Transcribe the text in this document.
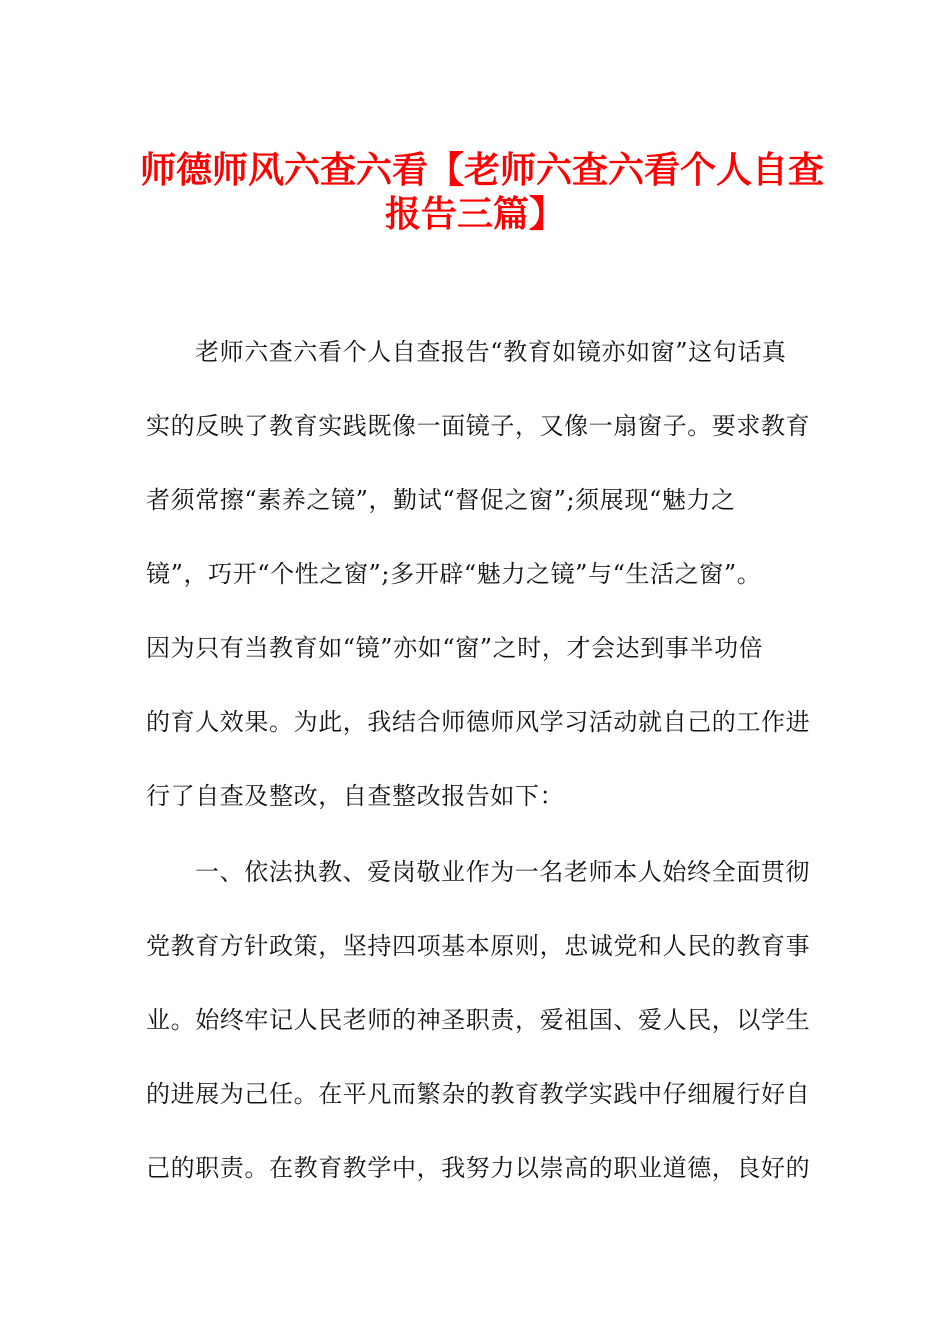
师德师风六查六看【老师六查六看个人自查
报告三篇】

老师六查六看个人自查报告“教育如镜亦如窗”这句话真

实的反映了教育实践既像一面镜子，又像一扇窗子。要求教育

者须常擦“素养之镜”，勤试“督促之窗”;须展现“魅力之

镜”，巧开“个性之窗”;多开辟“魅力之镜”与“生活之窗”。

因为只有当教育如“镜”亦如“窗”之时，才会达到事半功倍

的育人效果。为此，我结合师德师风学习活动就自己的工作进

行了自查及整改，自查整改报告如下：

一、依法执教、爱岗敬业作为一名老师本人始终全面贯彻

党教育方针政策，坚持四项基本原则，忠诚党和人民的教育事

业。始终牢记人民老师的神圣职责，爱祖国、爱人民，以学生

的进展为己任。在平凡而繁杂的教育教学实践中仔细履行好自

己的职责。在教育教学中，我努力以崇高的职业道德，良好的
